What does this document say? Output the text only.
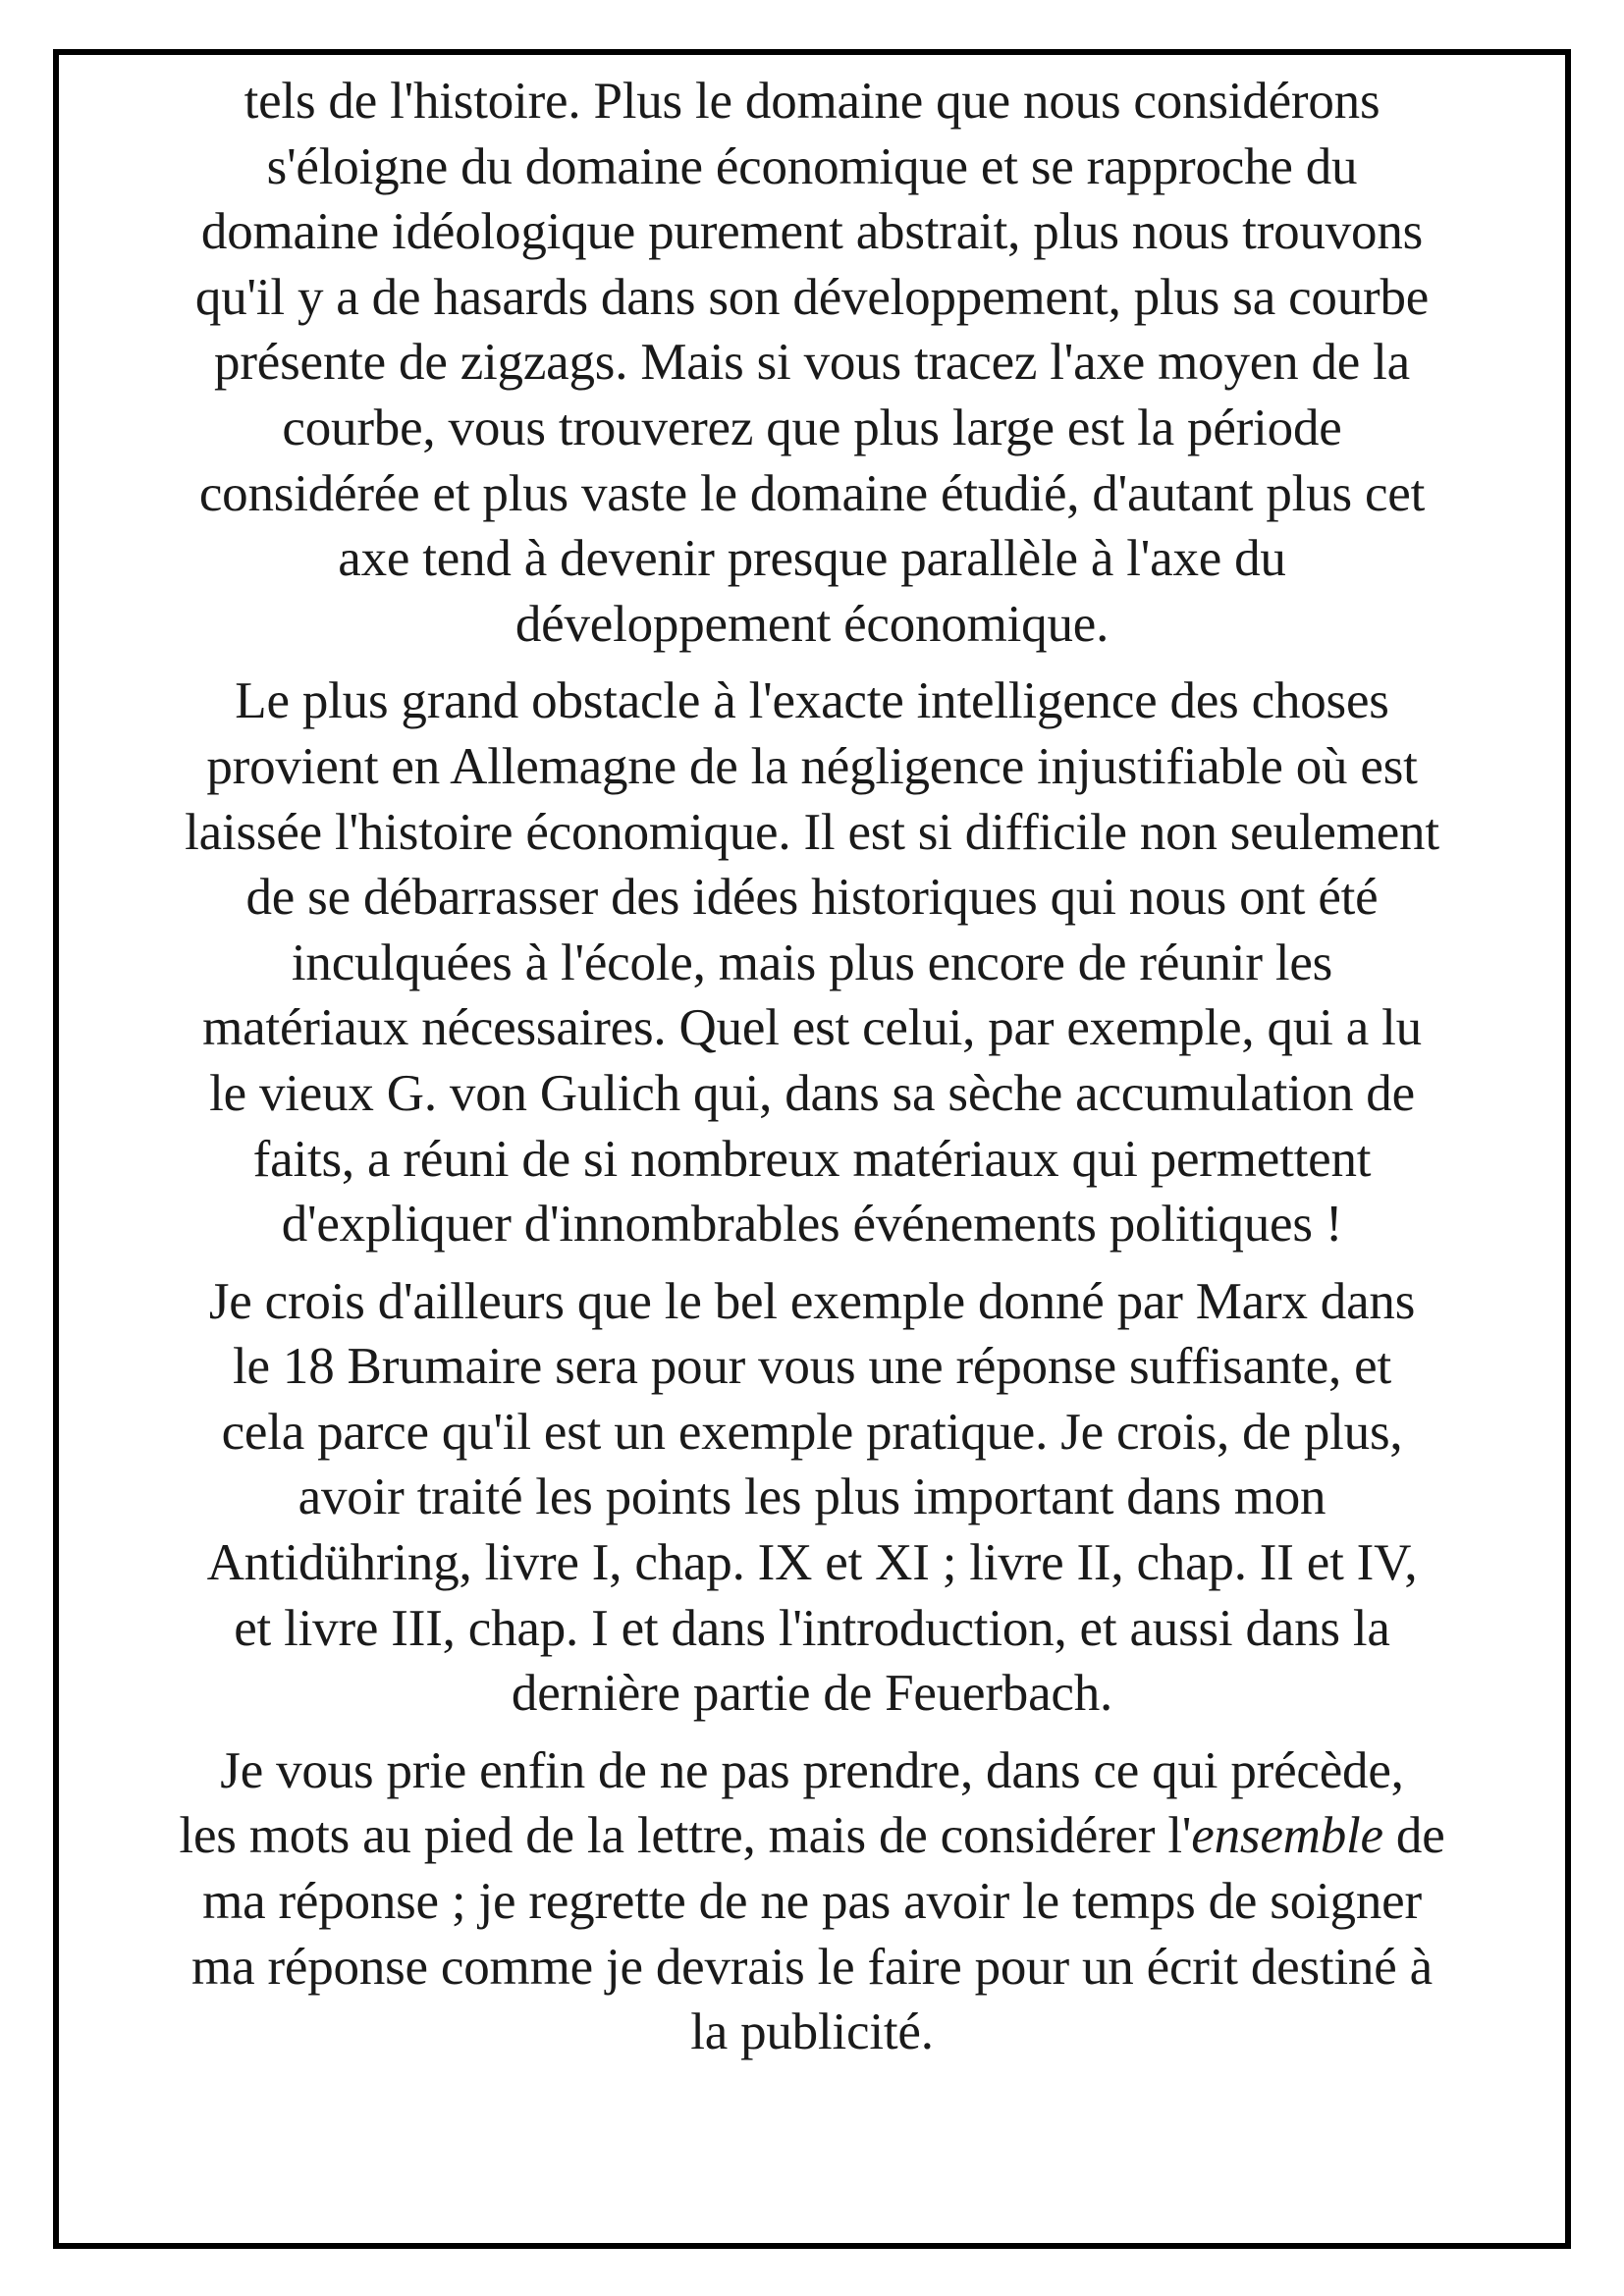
tels de l'histoire. Plus le domaine que nous considérons
s'éloigne du domaine économique et se rapproche du
domaine idéologique purement abstrait, plus nous trouvons
qu'il y a de hasards dans son développement, plus sa courbe
présente de zigzags. Mais si vous tracez l'axe moyen de la
courbe, vous trouverez que plus large est la période
considérée et plus vaste le domaine étudié, d'autant plus cet
axe tend à devenir presque parallèle à l'axe du
développement économique.

Le plus grand obstacle à l'exacte intelligence des choses
provient en Allemagne de la négligence injustifiable où est
laissée l'histoire économique. Il est si difficile non seulement
de se débarrasser des idées historiques qui nous ont été
inculquées à l'école, mais plus encore de réunir les
matériaux nécessaires. Quel est celui, par exemple, qui a lu
le vieux G. von Gulich qui, dans sa sèche accumulation de
faits, a réuni de si nombreux matériaux qui permettent
d'expliquer d'innombrables événements politiques !

Je crois d'ailleurs que le bel exemple donné par Marx dans
le 18 Brumaire sera pour vous une réponse suffisante, et
cela parce qu'il est un exemple pratique. Je crois, de plus,
avoir traité les points les plus important dans mon
Antidühring, livre I, chap. IX et XI ; livre II, chap. II et IV,
et livre III, chap. I et dans l'introduction, et aussi dans la
dernière partie de Feuerbach.

Je vous prie enfin de ne pas prendre, dans ce qui précède,
les mots au pied de la lettre, mais de considérer l'ensemble de
ma réponse ; je regrette de ne pas avoir le temps de soigner
ma réponse comme je devrais le faire pour un écrit destiné à
la publicité.
